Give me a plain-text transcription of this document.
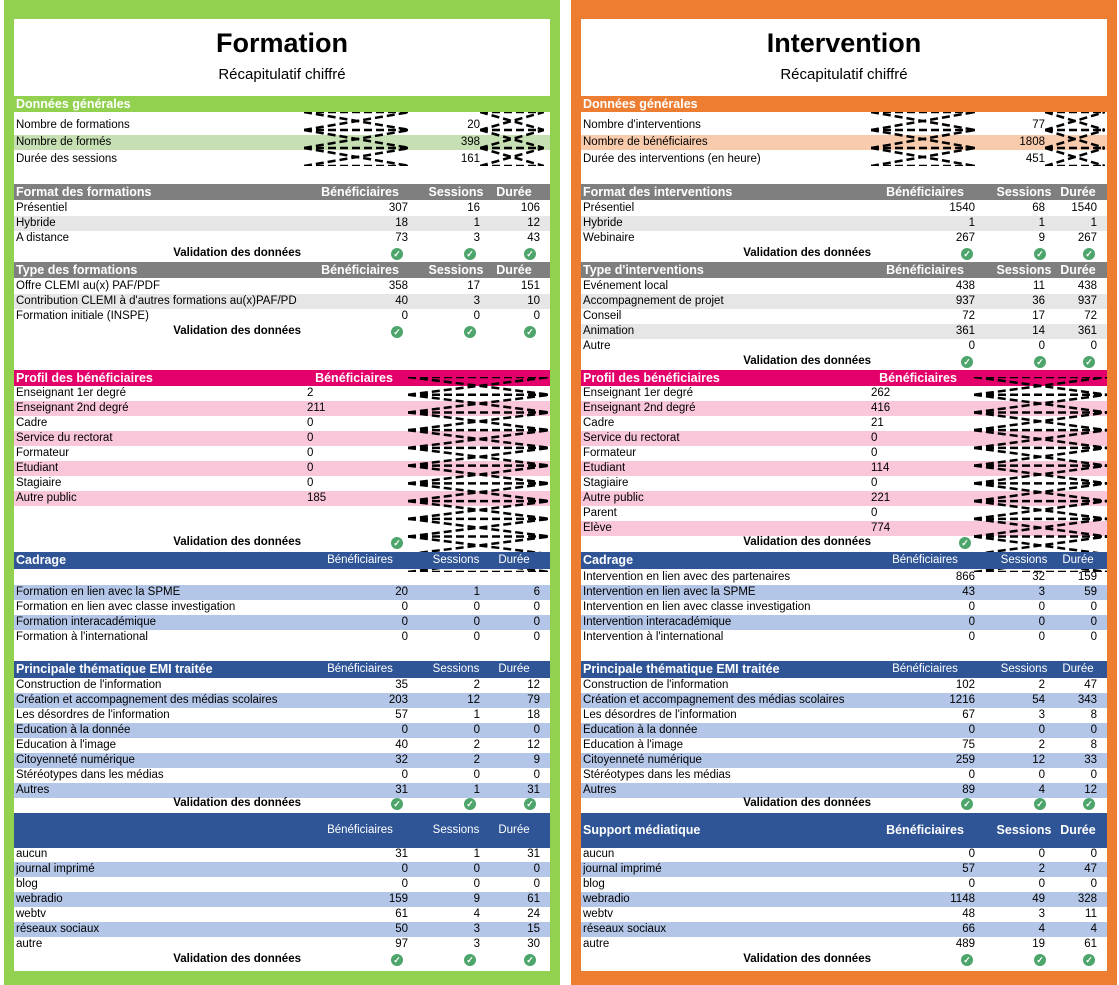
Formation
Récapitulatif chiffré
Données générales
Nombre de formations	20
Nombre de formés	398
Durée des sessions	161
Format des formations	Bénéficiaires	Sessions	Durée
Présentiel	307	16	106
Hybride	18	1	12
A distance	73	3	43
Validation des données	✓	✓	✓
Type des formations	Bénéficiaires	Sessions	Durée
Offre CLEMI au(x) PAF/PDF	358	17	151
Contribution CLEMI à d'autres formations au(x)PAF/PD	40	3	10
Formation initiale (INSPE)	0	0	0
Validation des données	✓	✓	✓
Profil des bénéficiaires	Bénéficiaires
Enseignant 1er degré	2
Enseignant 2nd degré	211
Cadre	0
Service du rectorat	0
Formateur	0
Etudiant	0
Stagiaire	0
Autre public	185
Validation des données	✓
Cadrage	Bénéficiaires	Sessions	Durée
Formation en lien avec la SPME	20	1	6
Formation en lien avec classe investigation	0	0	0
Formation interacadémique	0	0	0
Formation à l'international	0	0	0
Principale thématique EMI traitée	Bénéficiaires	Sessions	Durée
Construction de l'information	35	2	12
Création et accompagnement des médias scolaires	203	12	79
Les désordres de l'information	57	1	18
Education à la donnée	0	0	0
Education à l'image	40	2	12
Citoyenneté numérique	32	2	9
Stéréotypes dans les médias	0	0	0
Autres	31	1	31
Validation des données	✓	✓	✓
Bénéficiaires	Sessions	Durée
aucun	31	1	31
journal imprimé	0	0	0
blog	0	0	0
webradio	159	9	61
webtv	61	4	24
réseaux sociaux	50	3	15
autre	97	3	30
Validation des données	✓	✓	✓
Intervention
Récapitulatif chiffré
Données générales
Nombre d'interventions	77
Nombre de bénéficiaires	1808
Durée des interventions (en heure)	451
Format des interventions	Bénéficiaires	Sessions Durée
Présentiel	1540	68	1540
Hybride	1	1	1
Webinaire	267	9	267
Validation des données	✓	✓	✓
Type d'interventions	Bénéficiaires	Sessions Durée
Evénement local	438	11	438
Accompagnement de projet	937	36	937
Conseil	72	17	72
Animation	361	14	361
Autre	0	0	0
Validation des données	✓	✓	✓
Profil des bénéficiaires	Bénéficiaires
Enseignant 1er degré	262
Enseignant 2nd degré	416
Cadre	21
Service du rectorat	0
Formateur	0
Etudiant	114
Stagiaire	0
Autre public	221
Parent	0
Elève	774
Validation des données	✓
Cadrage	Bénéficiaires	Sessions	Durée
Intervention en lien avec des partenaires	866	32	159
Intervention en lien avec la SPME	43	3	59
Intervention en lien avec classe investigation	0	0	0
Intervention interacadémique	0	0	0
Intervention à l'international	0	0	0
Principale thématique EMI traitée	Bénéficiaires	Sessions	Durée
Construction de l'information	102	2	47
Création et accompagnement des médias scolaires	1216	54	343
Les désordres de l'information	67	3	8
Education à la donnée	0	0	0
Education à l'image	75	2	8
Citoyenneté numérique	259	12	33
Stéréotypes dans les médias	0	0	0
Autres	89	4	12
Validation des données	✓	✓	✓
Support médiatique	Bénéficiaires	Sessions Durée
aucun	0	0	0
journal imprimé	57	2	47
blog	0	0	0
webradio	1148	49	328
webtv	48	3	11
réseaux sociaux	66	4	4
autre	489	19	61
Validation des données	✓	✓	✓
